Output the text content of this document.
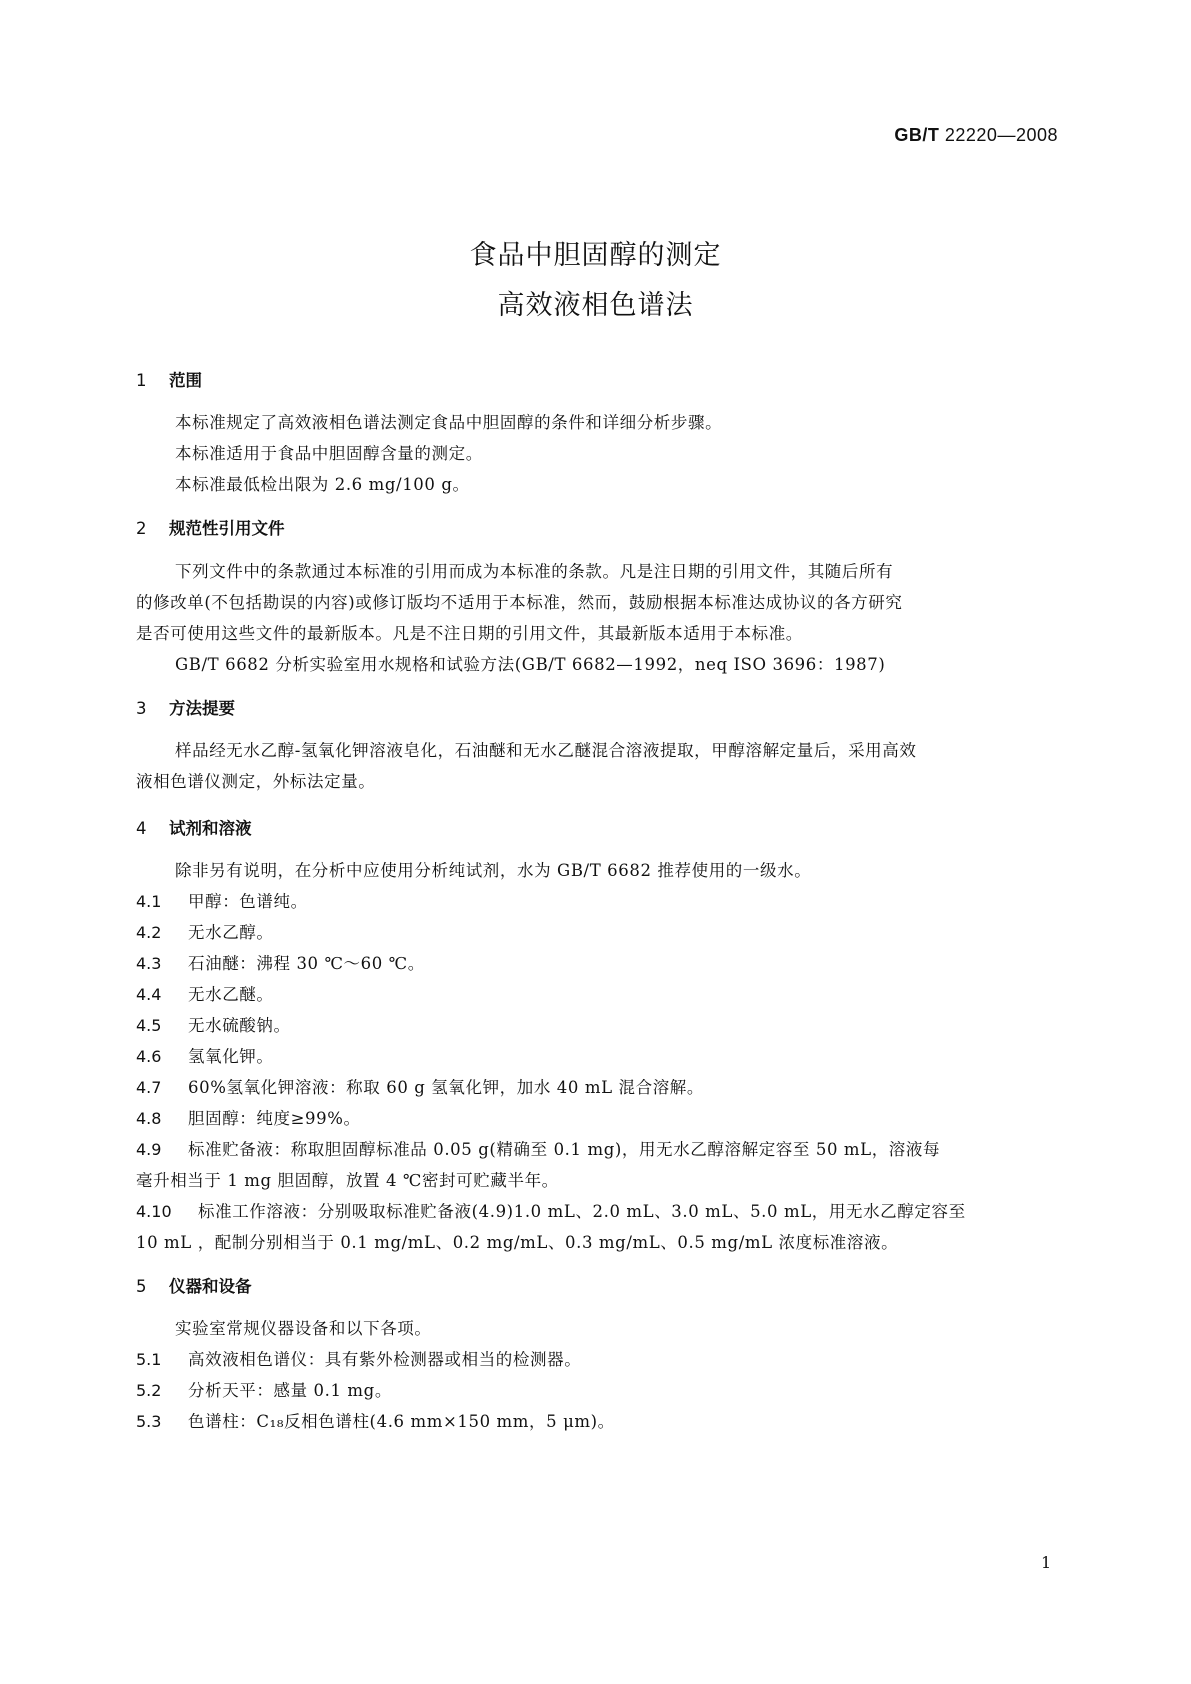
GB/T 22220—2008
食品中胆固醇的测定
高效液相色谱法
1 范围
本标准规定了高效液相色谱法测定食品中胆固醇的条件和详细分析步骤。
本标准适用于食品中胆固醇含量的测定。
本标准最低检出限为 2.6 mg/100 g。
2 规范性引用文件
下列文件中的条款通过本标准的引用而成为本标准的条款。凡是注日期的引用文件，其随后所有
的修改单(不包括勘误的内容)或修订版均不适用于本标准，然而，鼓励根据本标准达成协议的各方研究
是否可使用这些文件的最新版本。凡是不注日期的引用文件，其最新版本适用于本标准。
GB/T 6682 分析实验室用水规格和试验方法(GB/T 6682—1992，neq ISO 3696：1987)
3 方法提要
样品经无水乙醇-氢氧化钾溶液皂化，石油醚和无水乙醚混合溶液提取，甲醇溶解定量后，采用高效
液相色谱仪测定，外标法定量。
4 试剂和溶液
除非另有说明，在分析中应使用分析纯试剂，水为 GB/T 6682 推荐使用的一级水。
4.1 甲醇：色谱纯。
4.2 无水乙醇。
4.3 石油醚：沸程 30 ℃～60 ℃。
4.4 无水乙醚。
4.5 无水硫酸钠。
4.6 氢氧化钾。
4.7 60%氢氧化钾溶液：称取 60 g 氢氧化钾，加水 40 mL 混合溶解。
4.8 胆固醇：纯度≥99%。
4.9 标准贮备液：称取胆固醇标准品 0.05 g(精确至 0.1 mg)，用无水乙醇溶解定容至 50 mL，溶液每
毫升相当于 1 mg 胆固醇，放置 4 ℃密封可贮藏半年。
4.10 标准工作溶液：分别吸取标准贮备液(4.9)1.0 mL、2.0 mL、3.0 mL、5.0 mL，用无水乙醇定容至
10 mL ，配制分别相当于 0.1 mg/mL、0.2 mg/mL、0.3 mg/mL、0.5 mg/mL 浓度标准溶液。
5 仪器和设备
实验室常规仪器设备和以下各项。
5.1 高效液相色谱仪：具有紫外检测器或相当的检测器。
5.2 分析天平：感量 0.1 mg。
5.3 色谱柱：C₁₈反相色谱柱(4.6 mm×150 mm，5 μm)。
1
